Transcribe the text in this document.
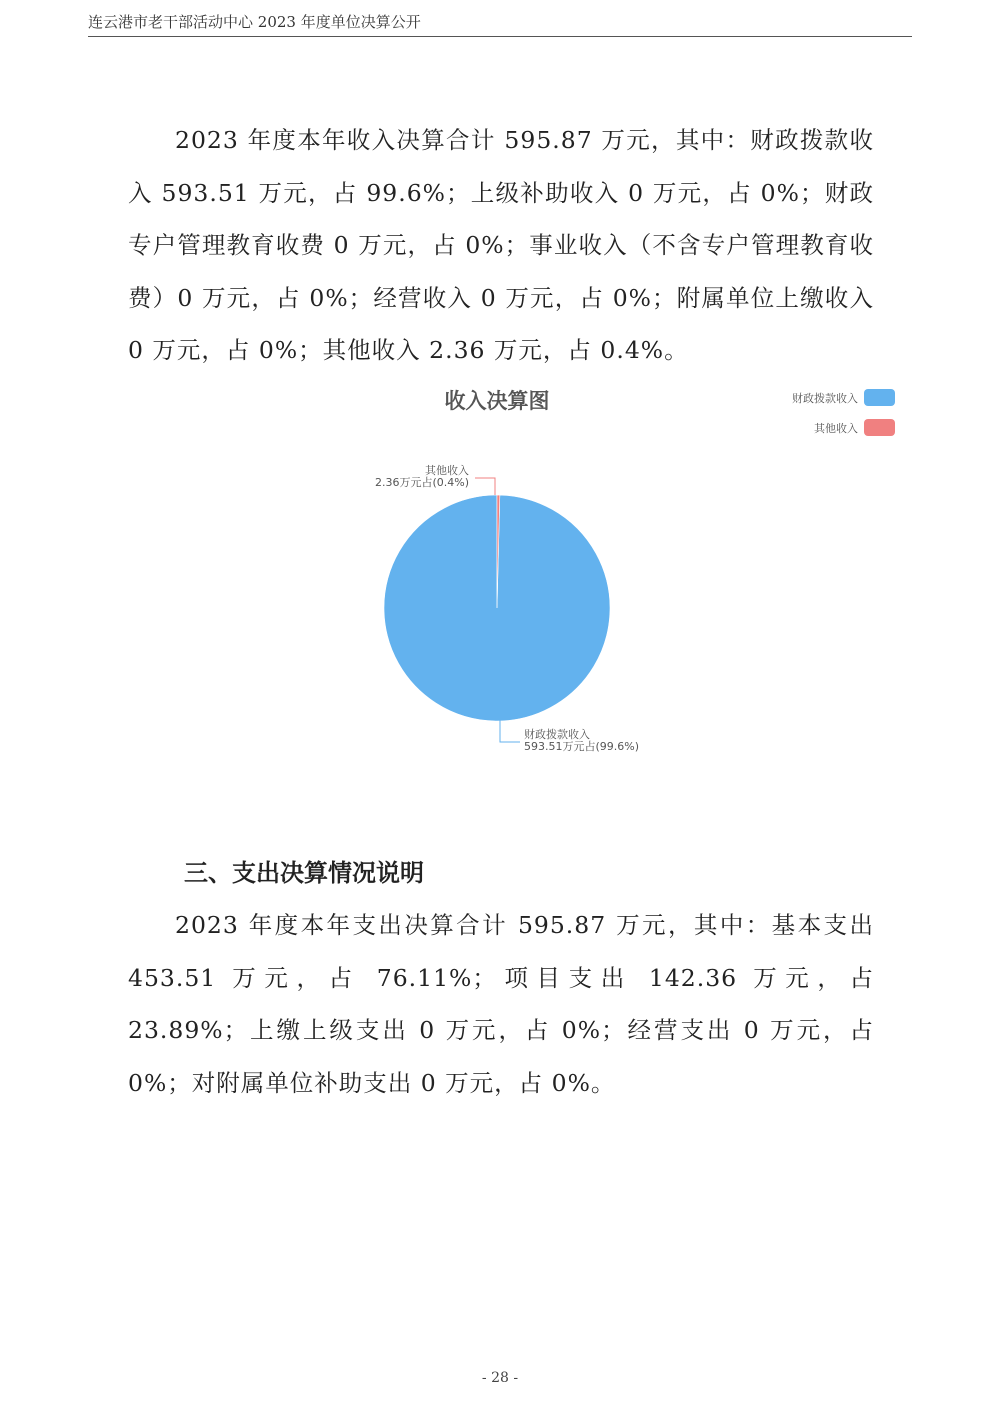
连云港市老干部活动中心 2023 年度单位决算公开

2023 年度本年收入决算合计 595.87 万元，其中：财政拨款收入 593.51 万元，占 99.6%；上级补助收入 0 万元，占 0%；财政专户管理教育收费 0 万元，占 0%；事业收入（不含专户管理教育收费）0 万元，占 0%；经营收入 0 万元，占 0%；附属单位上缴收入 0 万元，占 0%；其他收入 2.36 万元，占 0.4%。

收入决算图	财政拨款收入
其他收入
其他收入
2.36万元占(0.4%)
财政拨款收入
593.51万元占(99.6%)
三、支出决算情况说明

2023 年度本年支出决算合计 595.87 万元，其中：基本支出 453.51 万元，占 76.11%；项目支出 142.36 万元，占 23.89%；上缴上级支出 0 万元，占 0%；经营支出 0 万元，占 0%；对附属单位补助支出 0 万元，占 0%。

- 28 -
